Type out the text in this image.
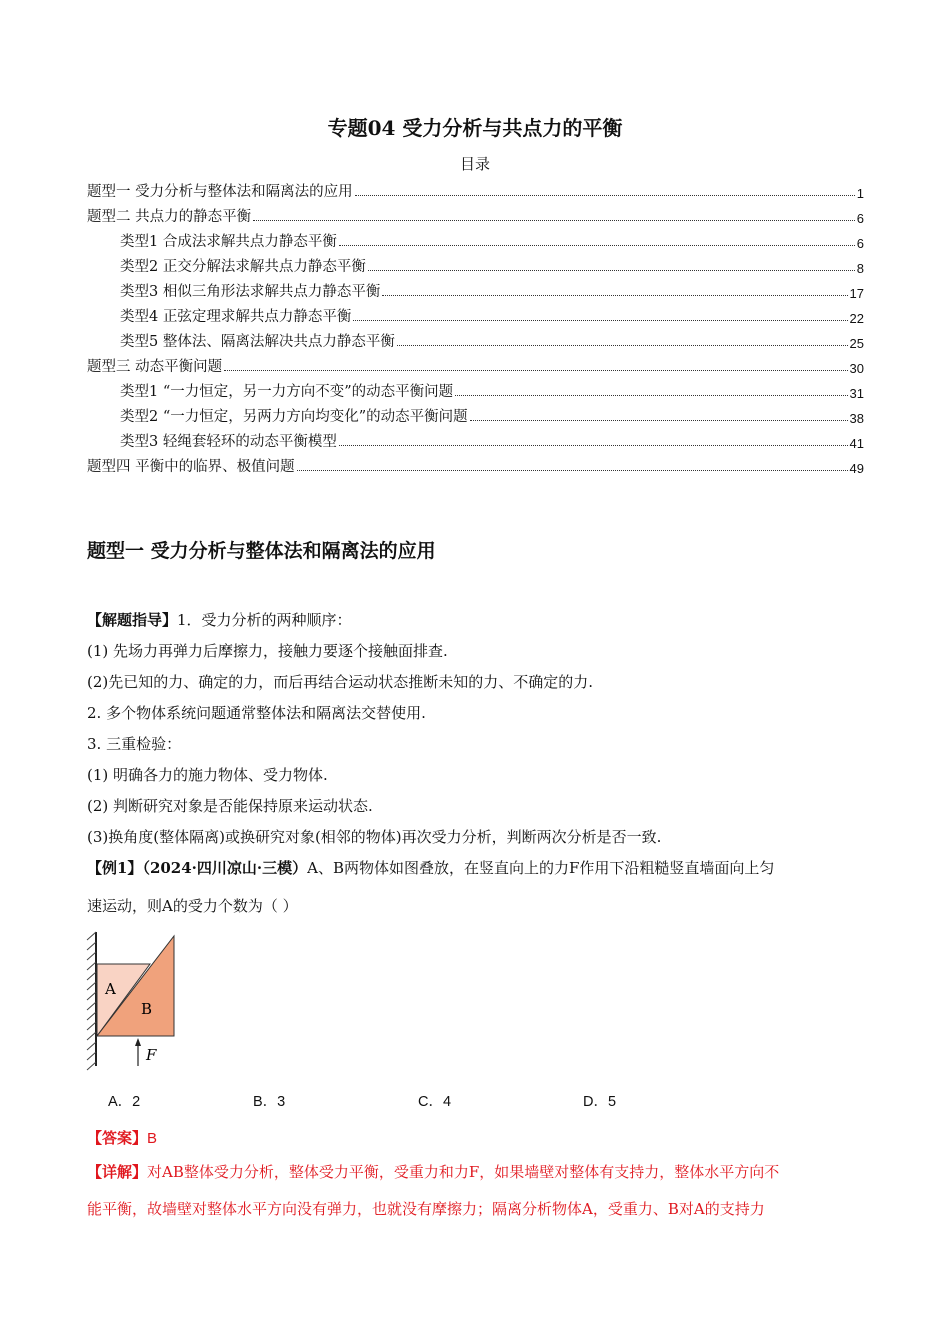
专题04 受力分析与共点力的平衡
目录
题型一 受力分析与整体法和隔离法的应用	1
题型二 共点力的静态平衡	6
类型1 合成法求解共点力静态平衡	6
类型2 正交分解法求解共点力静态平衡	8
类型3 相似三角形法求解共点力静态平衡	17
类型4 正弦定理求解共点力静态平衡	22
类型5 整体法、隔离法解决共点力静态平衡	25
题型三 动态平衡问题	30
类型1 “一力恒定，另一力方向不变”的动态平衡问题	31
类型2 “一力恒定，另两力方向均变化”的动态平衡问题	38
类型3 轻绳套轻环的动态平衡模型	41
题型四 平衡中的临界、极值问题	49
题型一 受力分析与整体法和隔离法的应用
【解题指导】1．受力分析的两种顺序：
(1) 先场力再弹力后摩擦力，接触力要逐个接触面排查.
(2)先已知的力、确定的力，而后再结合运动状态推断未知的力、不确定的力.
2. 多个物体系统问题通常整体法和隔离法交替使用.
3. 三重检验：
(1) 明确各力的施力物体、受力物体.
(2) 判断研究对象是否能保持原来运动状态.
(3)换角度(整体隔离)或换研究对象(相邻的物体)再次受力分析，判断两次分析是否一致.
【例1】（2024·四川凉山·三模）A、B两物体如图叠放，在竖直向上的力F作用下沿粗糙竖直墙面向上匀
速运动，则A的受力个数为（ ）
A
B
F
A．2	B．3	C．4	D．5
【答案】B
【详解】对AB整体受力分析，整体受力平衡，受重力和力F，如果墙壁对整体有支持力，整体水平方向不
能平衡，故墙壁对整体水平方向没有弹力，也就没有摩擦力；隔离分析物体A，受重力、B对A的支持力
